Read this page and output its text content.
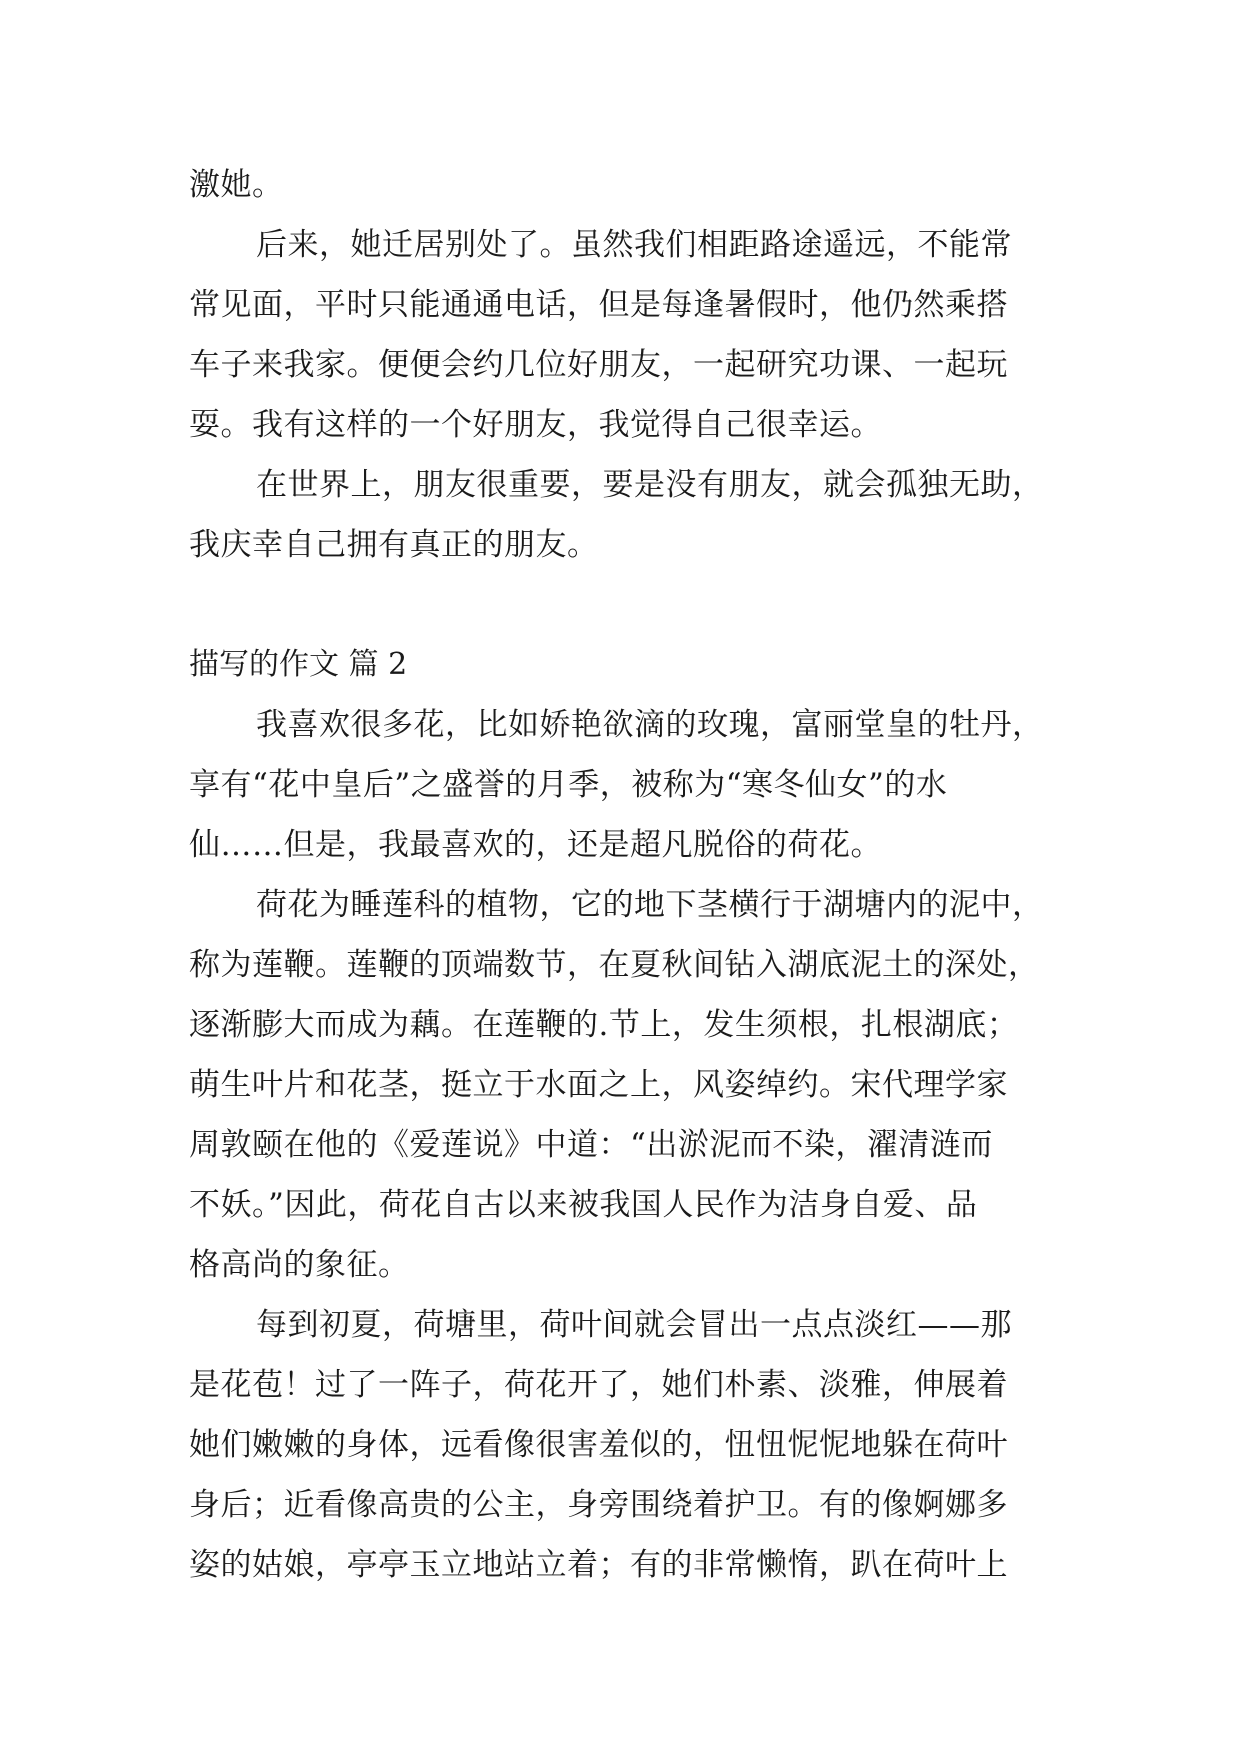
激她。
后来，她迁居别处了。虽然我们相距路途遥远，不能常
常见面，平时只能通通电话，但是每逢暑假时，他仍然乘搭
车子来我家。便便会约几位好朋友，一起研究功课、一起玩
耍。我有这样的一个好朋友，我觉得自己很幸运。
在世界上，朋友很重要，要是没有朋友，就会孤独无助，
我庆幸自己拥有真正的朋友。
描写的作文 篇 2
我喜欢很多花，比如娇艳欲滴的玫瑰，富丽堂皇的牡丹，
享有“花中皇后”之盛誉的月季，被称为“寒冬仙女”的水
仙……但是，我最喜欢的，还是超凡脱俗的荷花。
荷花为睡莲科的植物，它的地下茎横行于湖塘内的泥中，
称为莲鞭。莲鞭的顶端数节，在夏秋间钻入湖底泥土的深处，
逐渐膨大而成为藕。在莲鞭的.节上，发生须根，扎根湖底；
萌生叶片和花茎，挺立于水面之上，风姿绰约。宋代理学家
周敦颐在他的《爱莲说》中道：“出淤泥而不染，濯清涟而
不妖。”因此，荷花自古以来被我国人民作为洁身自爱、品
格高尚的象征。
每到初夏，荷塘里，荷叶间就会冒出一点点淡红——那
是花苞！过了一阵子，荷花开了，她们朴素、淡雅，伸展着
她们嫩嫩的身体，远看像很害羞似的，忸忸怩怩地躲在荷叶
身后；近看像高贵的公主，身旁围绕着护卫。有的像婀娜多
姿的姑娘，亭亭玉立地站立着；有的非常懒惰，趴在荷叶上
